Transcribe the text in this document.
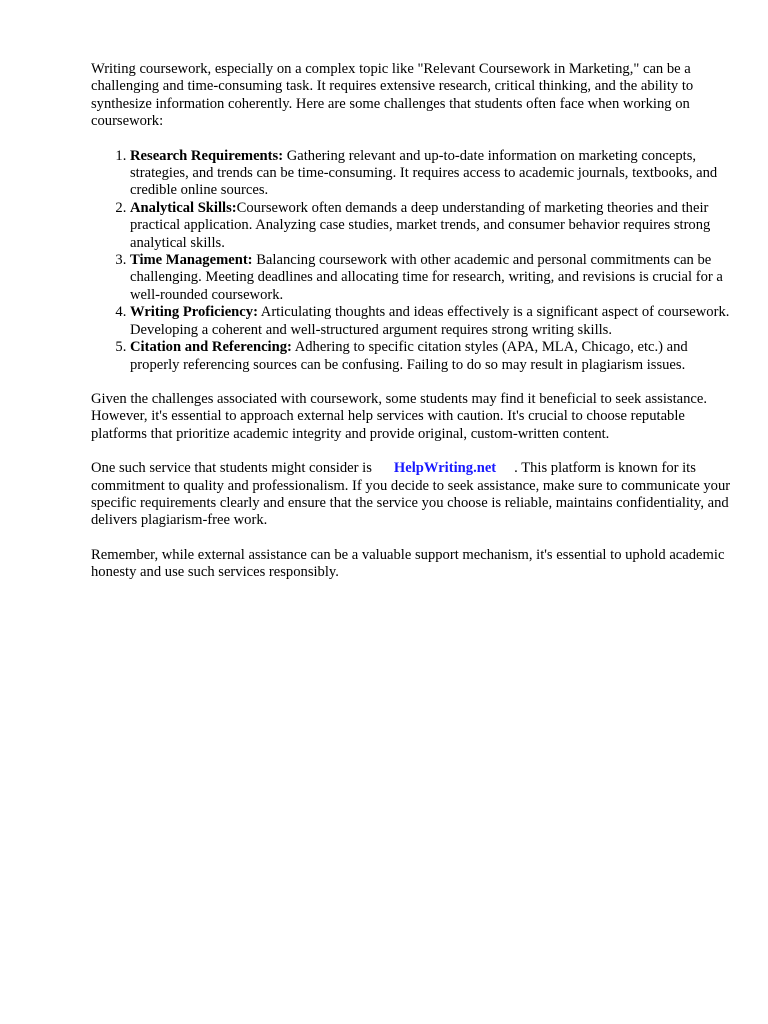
Writing coursework, especially on a complex topic like "Relevant Coursework in Marketing," can be a challenging and time-consuming task. It requires extensive research, critical thinking, and the ability to synthesize information coherently. Here are some challenges that students often face when working on coursework:

1. Research Requirements: Gathering relevant and up-to-date information on marketing concepts, strategies, and trends can be time-consuming. It requires access to academic journals, textbooks, and credible online sources.
2. Analytical Skills:Coursework often demands a deep understanding of marketing theories and their practical application. Analyzing case studies, market trends, and consumer behavior requires strong analytical skills.
3. Time Management: Balancing coursework with other academic and personal commitments can be challenging. Meeting deadlines and allocating time for research, writing, and revisions is crucial for a well-rounded coursework.
4. Writing Proficiency: Articulating thoughts and ideas effectively is a significant aspect of coursework. Developing a coherent and well-structured argument requires strong writing skills.
5. Citation and Referencing: Adhering to specific citation styles (APA, MLA, Chicago, etc.) and properly referencing sources can be confusing. Failing to do so may result in plagiarism issues.

Given the challenges associated with coursework, some students may find it beneficial to seek assistance. However, it's essential to approach external help services with caution. It's crucial to choose reputable platforms that prioritize academic integrity and provide original, custom-written content.

One such service that students might consider is HelpWriting.net . This platform is known for its commitment to quality and professionalism. If you decide to seek assistance, make sure to communicate your specific requirements clearly and ensure that the service you choose is reliable, maintains confidentiality, and delivers plagiarism-free work.

Remember, while external assistance can be a valuable support mechanism, it's essential to uphold academic honesty and use such services responsibly.
